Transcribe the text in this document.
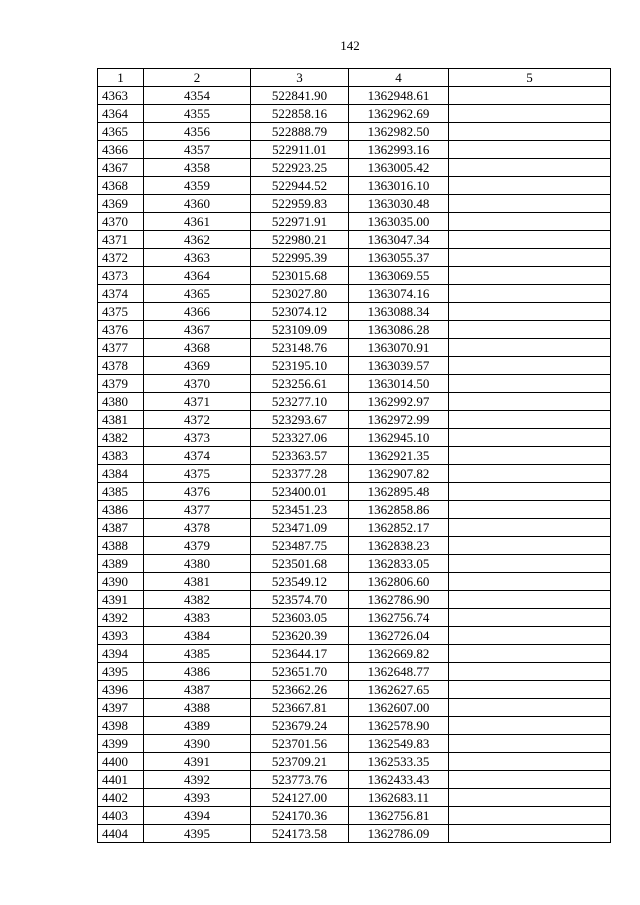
142
1	2	3	4	5
4363	4354	522841.90	1362948.61	
4364	4355	522858.16	1362962.69	
4365	4356	522888.79	1362982.50	
4366	4357	522911.01	1362993.16	
4367	4358	522923.25	1363005.42	
4368	4359	522944.52	1363016.10	
4369	4360	522959.83	1363030.48	
4370	4361	522971.91	1363035.00	
4371	4362	522980.21	1363047.34	
4372	4363	522995.39	1363055.37	
4373	4364	523015.68	1363069.55	
4374	4365	523027.80	1363074.16	
4375	4366	523074.12	1363088.34	
4376	4367	523109.09	1363086.28	
4377	4368	523148.76	1363070.91	
4378	4369	523195.10	1363039.57	
4379	4370	523256.61	1363014.50	
4380	4371	523277.10	1362992.97	
4381	4372	523293.67	1362972.99	
4382	4373	523327.06	1362945.10	
4383	4374	523363.57	1362921.35	
4384	4375	523377.28	1362907.82	
4385	4376	523400.01	1362895.48	
4386	4377	523451.23	1362858.86	
4387	4378	523471.09	1362852.17	
4388	4379	523487.75	1362838.23	
4389	4380	523501.68	1362833.05	
4390	4381	523549.12	1362806.60	
4391	4382	523574.70	1362786.90	
4392	4383	523603.05	1362756.74	
4393	4384	523620.39	1362726.04	
4394	4385	523644.17	1362669.82	
4395	4386	523651.70	1362648.77	
4396	4387	523662.26	1362627.65	
4397	4388	523667.81	1362607.00	
4398	4389	523679.24	1362578.90	
4399	4390	523701.56	1362549.83	
4400	4391	523709.21	1362533.35	
4401	4392	523773.76	1362433.43	
4402	4393	524127.00	1362683.11	
4403	4394	524170.36	1362756.81	
4404	4395	524173.58	1362786.09	
